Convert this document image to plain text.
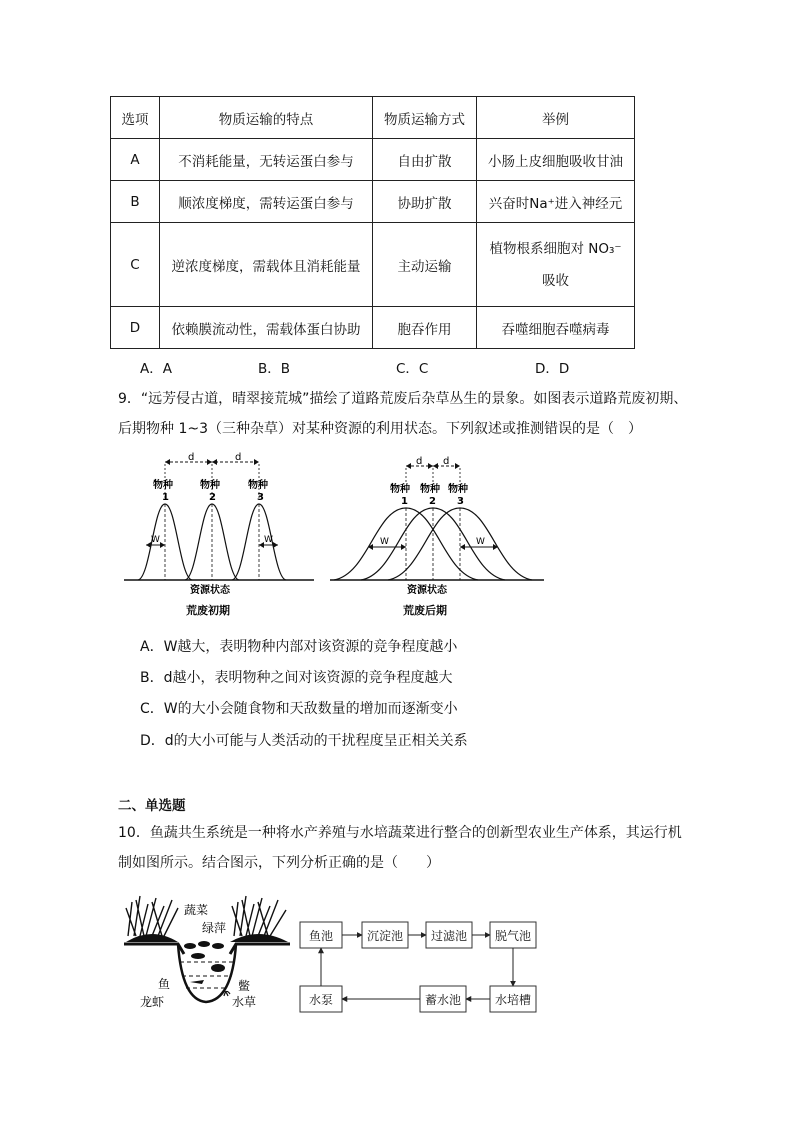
选项	物质运输的特点	物质运输方式	举例
A	不消耗能量，无转运蛋白参与	自由扩散	小肠上皮细胞吸收甘油
B	顺浓度梯度，需转运蛋白参与	协助扩散	兴奋时Na⁺进入神经元
C	逆浓度梯度，需载体且消耗能量	主动运输	植物根系细胞对 NO₃⁻
吸收

D	依赖膜流动性，需载体蛋白协助	胞吞作用	吞噬细胞吞噬病毒
A．A	B．B	C．C	D．D
9．“远芳侵古道，晴翠接荒城”描绘了道路荒废后杂草丛生的景象。如图表示道路荒废初期、
后期物种 1~3（三种杂草）对某种资源的利用状态。下列叙述或推测错误的是（　）
d	d
物种
1
物种
2
物种
3
W	W
资源状态
荒废初期
d d
物种
1
物种
2
物种
3
W	W
资源状态
荒废后期
A．W越大，表明物种内部对该资源的竞争程度越小
B．d越小，表明物种之间对该资源的竞争程度越大
C．W的大小会随食物和天敌数量的增加而逐渐变小
D．d的大小可能与人类活动的干扰程度呈正相关关系
二、单选题
10．鱼蔬共生系统是一种将水产养殖与水培蔬菜进行整合的创新型农业生产体系，其运行机
制如图所示。结合图示，下列分析正确的是（　　）
蔬菜
绿萍
鱼	鳖
龙虾	水草
鱼池	沉淀池 过滤池 脱气池
水培槽
蓄水池
水泵
